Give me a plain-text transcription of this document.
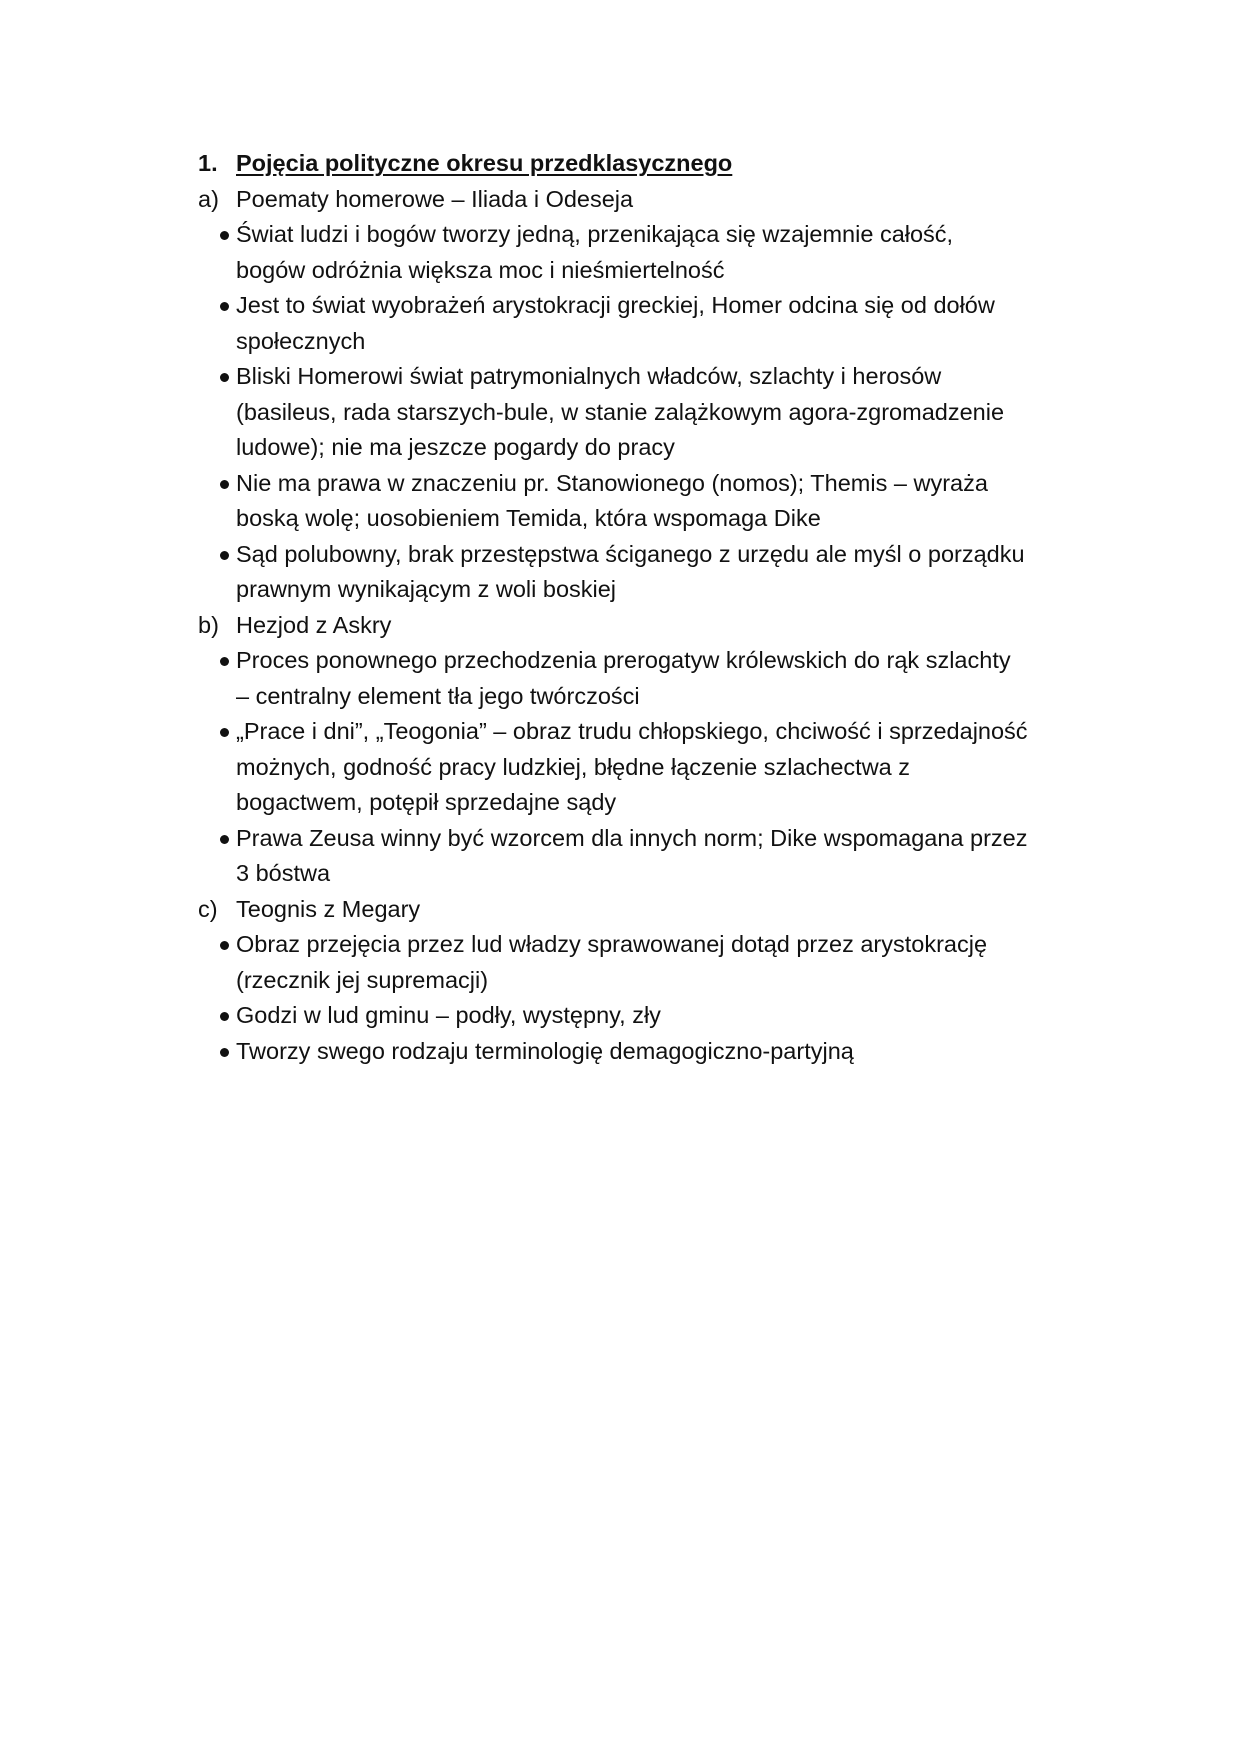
1. Pojęcia polityczne okresu przedklasycznego
a) Poematy homerowe – Iliada i Odeseja
Świat ludzi i bogów tworzy jedną, przenikająca się wzajemnie całość, bogów odróżnia większa moc i nieśmiertelność
Jest to świat wyobrażeń arystokracji greckiej, Homer odcina się od dołów społecznych
Bliski Homerowi świat patrymonialnych władców, szlachty i herosów (basileus, rada starszych-bule, w stanie zalążkowym agora-zgromadzenie ludowe); nie ma jeszcze pogardy do pracy
Nie ma prawa w znaczeniu pr. Stanowionego (nomos); Themis – wyraża boską wolę; uosobieniem Temida, która wspomaga Dike
Sąd polubowny, brak przestępstwa ściganego z urzędu ale myśl o porządku prawnym wynikającym z woli boskiej
b) Hezjod z Askry
Proces ponownego przechodzenia prerogatyw królewskich do rąk szlachty – centralny element tła jego twórczości
„Prace i dni”, „Teogonia” – obraz trudu chłopskiego, chciwość i sprzedajność możnych, godność pracy ludzkiej, błędne łączenie szlachectwa z bogactwem, potępił sprzedajne sądy
Prawa Zeusa winny być wzorcem dla innych norm; Dike wspomagana przez 3 bóstwa
c) Teognis z Megary
Obraz przejęcia przez lud władzy sprawowanej dotąd przez arystokrację (rzecznik jej supremacji)
Godzi w lud gminu – podły, występny, zły
Tworzy swego rodzaju terminologię demagogiczno-partyjną
